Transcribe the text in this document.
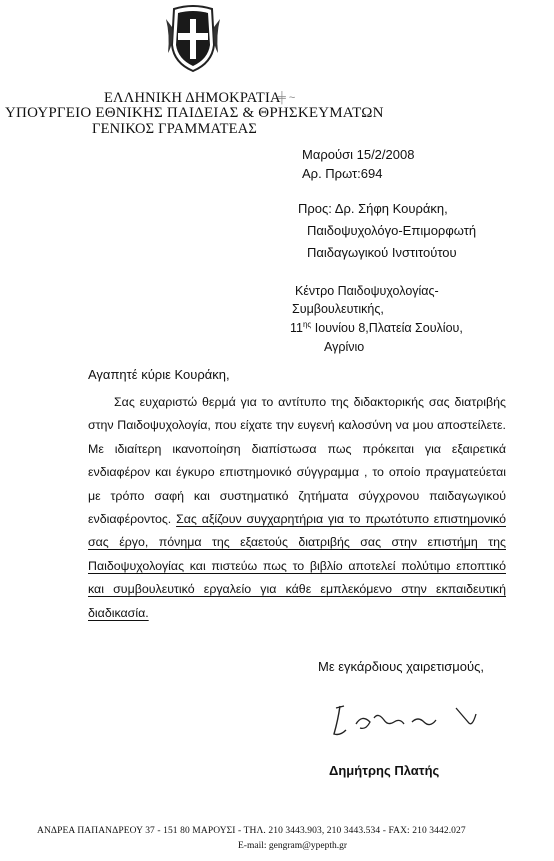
ΕΛΛΗΝΙΚΗ ΔΗΜΟΚΡΑΤΙΑ
╪ ~
ΥΠΟΥΡΓΕΙΟ ΕΘΝΙΚΗΣ ΠΑΙΔΕΙΑΣ & ΘΡΗΣΚΕΥΜΑΤΩΝ
ΓΕΝΙΚΟΣ ΓΡΑΜΜΑΤΕΑΣ
Μαρούσι 15/2/2008
Αρ. Πρωτ:694
Προς: Δρ. Σήφη Κουράκη,
Παιδοψυχολόγο-Επιμορφωτή
Παιδαγωγικού Ινστιτούτου
Κέντρο Παιδοψυχολογίας-
Συμβουλευτικής,
$11^{\eta\varsigma}$ Ιουνίου 8,Πλατεία Σουλίου,
Αγρίνιο
Αγαπητέ κύριε Κουράκη,
Σας ευχαριστώ θερμά για το αντίτυπο της διδακτορικής σας διατριβής στην Παιδοψυχολογία, που είχατε την ευγενή καλοσύνη να μου αποστείλετε. Με ιδιαίτερη ικανοποίηση διαπίστωσα πως πρόκειται για εξαιρετικά ενδιαφέρον και έγκυρο επιστημονικό σύγγραμμα , το οποίο πραγματεύεται με τρόπο σαφή και συστηματικό ζητήματα σύγχρονου παιδαγωγικού ενδιαφέροντος. Σας αξίζουν συγχαρητήρια για το πρωτότυπο επιστημονικό σας έργο, πόνημα της εξαετούς διατριβής σας στην επιστήμη της Παιδοψυχολογίας και πιστεύω πως το βιβλίο αποτελεί πολύτιμο εποπτικό και συμβουλευτικό εργαλείο για κάθε εμπλεκόμενο στην εκπαιδευτική διαδικασία.
Με εγκάρδιους χαιρετισμούς,
Δημήτρης Πλατής
ΑΝΔΡΕΑ ΠΑΠΑΝΔΡΕΟΥ 37 - 151 80 ΜΑΡΟΥΣΙ - ΤΗΛ. 210 3443.903, 210 3443.534 - FAX: 210 3442.027
E-mail: gengram@ypepth.gr
